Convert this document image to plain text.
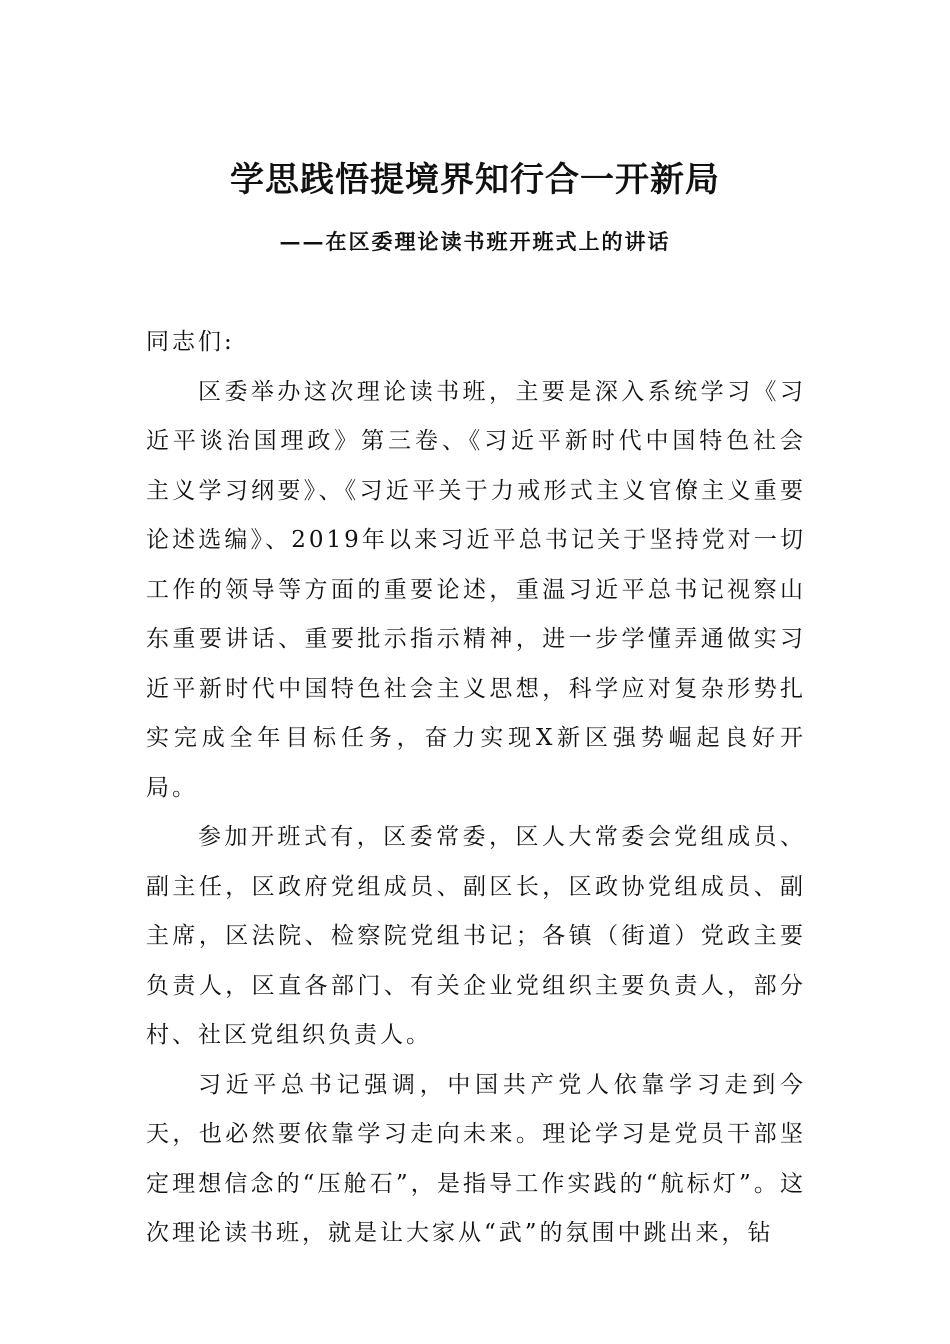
学思践悟提境界知行合一开新局
——在区委理论读书班开班式上的讲话

同志们:

区委举办这次理论读书班，主要是深入系统学习《习近平谈治国理政》第三卷、《习近平新时代中国特色社会主义学习纲要》、《习近平关于力戒形式主义官僚主义重要论述选编》、2019年以来习近平总书记关于坚持党对一切工作的领导等方面的重要论述，重温习近平总书记视察山东重要讲话、重要批示指示精神，进一步学懂弄通做实习近平新时代中国特色社会主义思想，科学应对复杂形势扎实完成全年目标任务，奋力实现X新区强势崛起良好开局。

参加开班式有，区委常委，区人大常委会党组成员、副主任，区政府党组成员、副区长，区政协党组成员、副主席，区法院、检察院党组书记；各镇（街道）党政主要负责人，区直各部门、有关企业党组织主要负责人，部分村、社区党组织负责人。

习近平总书记强调，中国共产党人依靠学习走到今天，也必然要依靠学习走向未来。理论学习是党员干部坚定理想信念的“压舱石”，是指导工作实践的“航标灯”。这次理论读书班，就是让大家从“武”的氛围中跳出来，钻
